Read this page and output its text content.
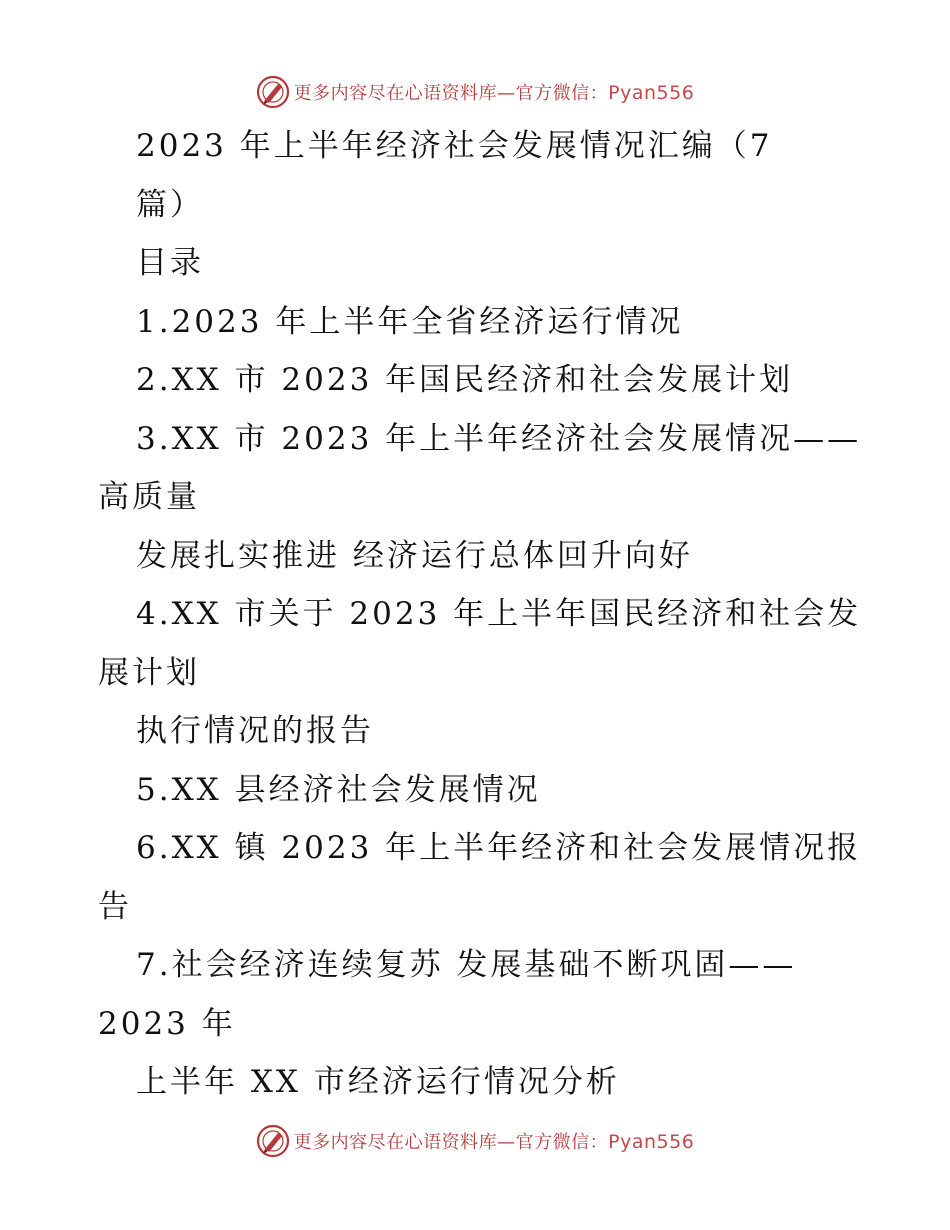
更多内容尽在心语资料库—官方微信：Pyan556
2023 年上半年经济社会发展情况汇编（7
篇）
目录
1.2023 年上半年全省经济运行情况
2.XX 市 2023 年国民经济和社会发展计划
3.XX 市 2023 年上半年经济社会发展情况——
高质量
发展扎实推进 经济运行总体回升向好
4.XX 市关于 2023 年上半年国民经济和社会发
展计划
执行情况的报告
5.XX 县经济社会发展情况
6.XX 镇 2023 年上半年经济和社会发展情况报
告
7.社会经济连续复苏 发展基础不断巩固——
2023 年
上半年 XX 市经济运行情况分析
更多内容尽在心语资料库—官方微信：Pyan556
